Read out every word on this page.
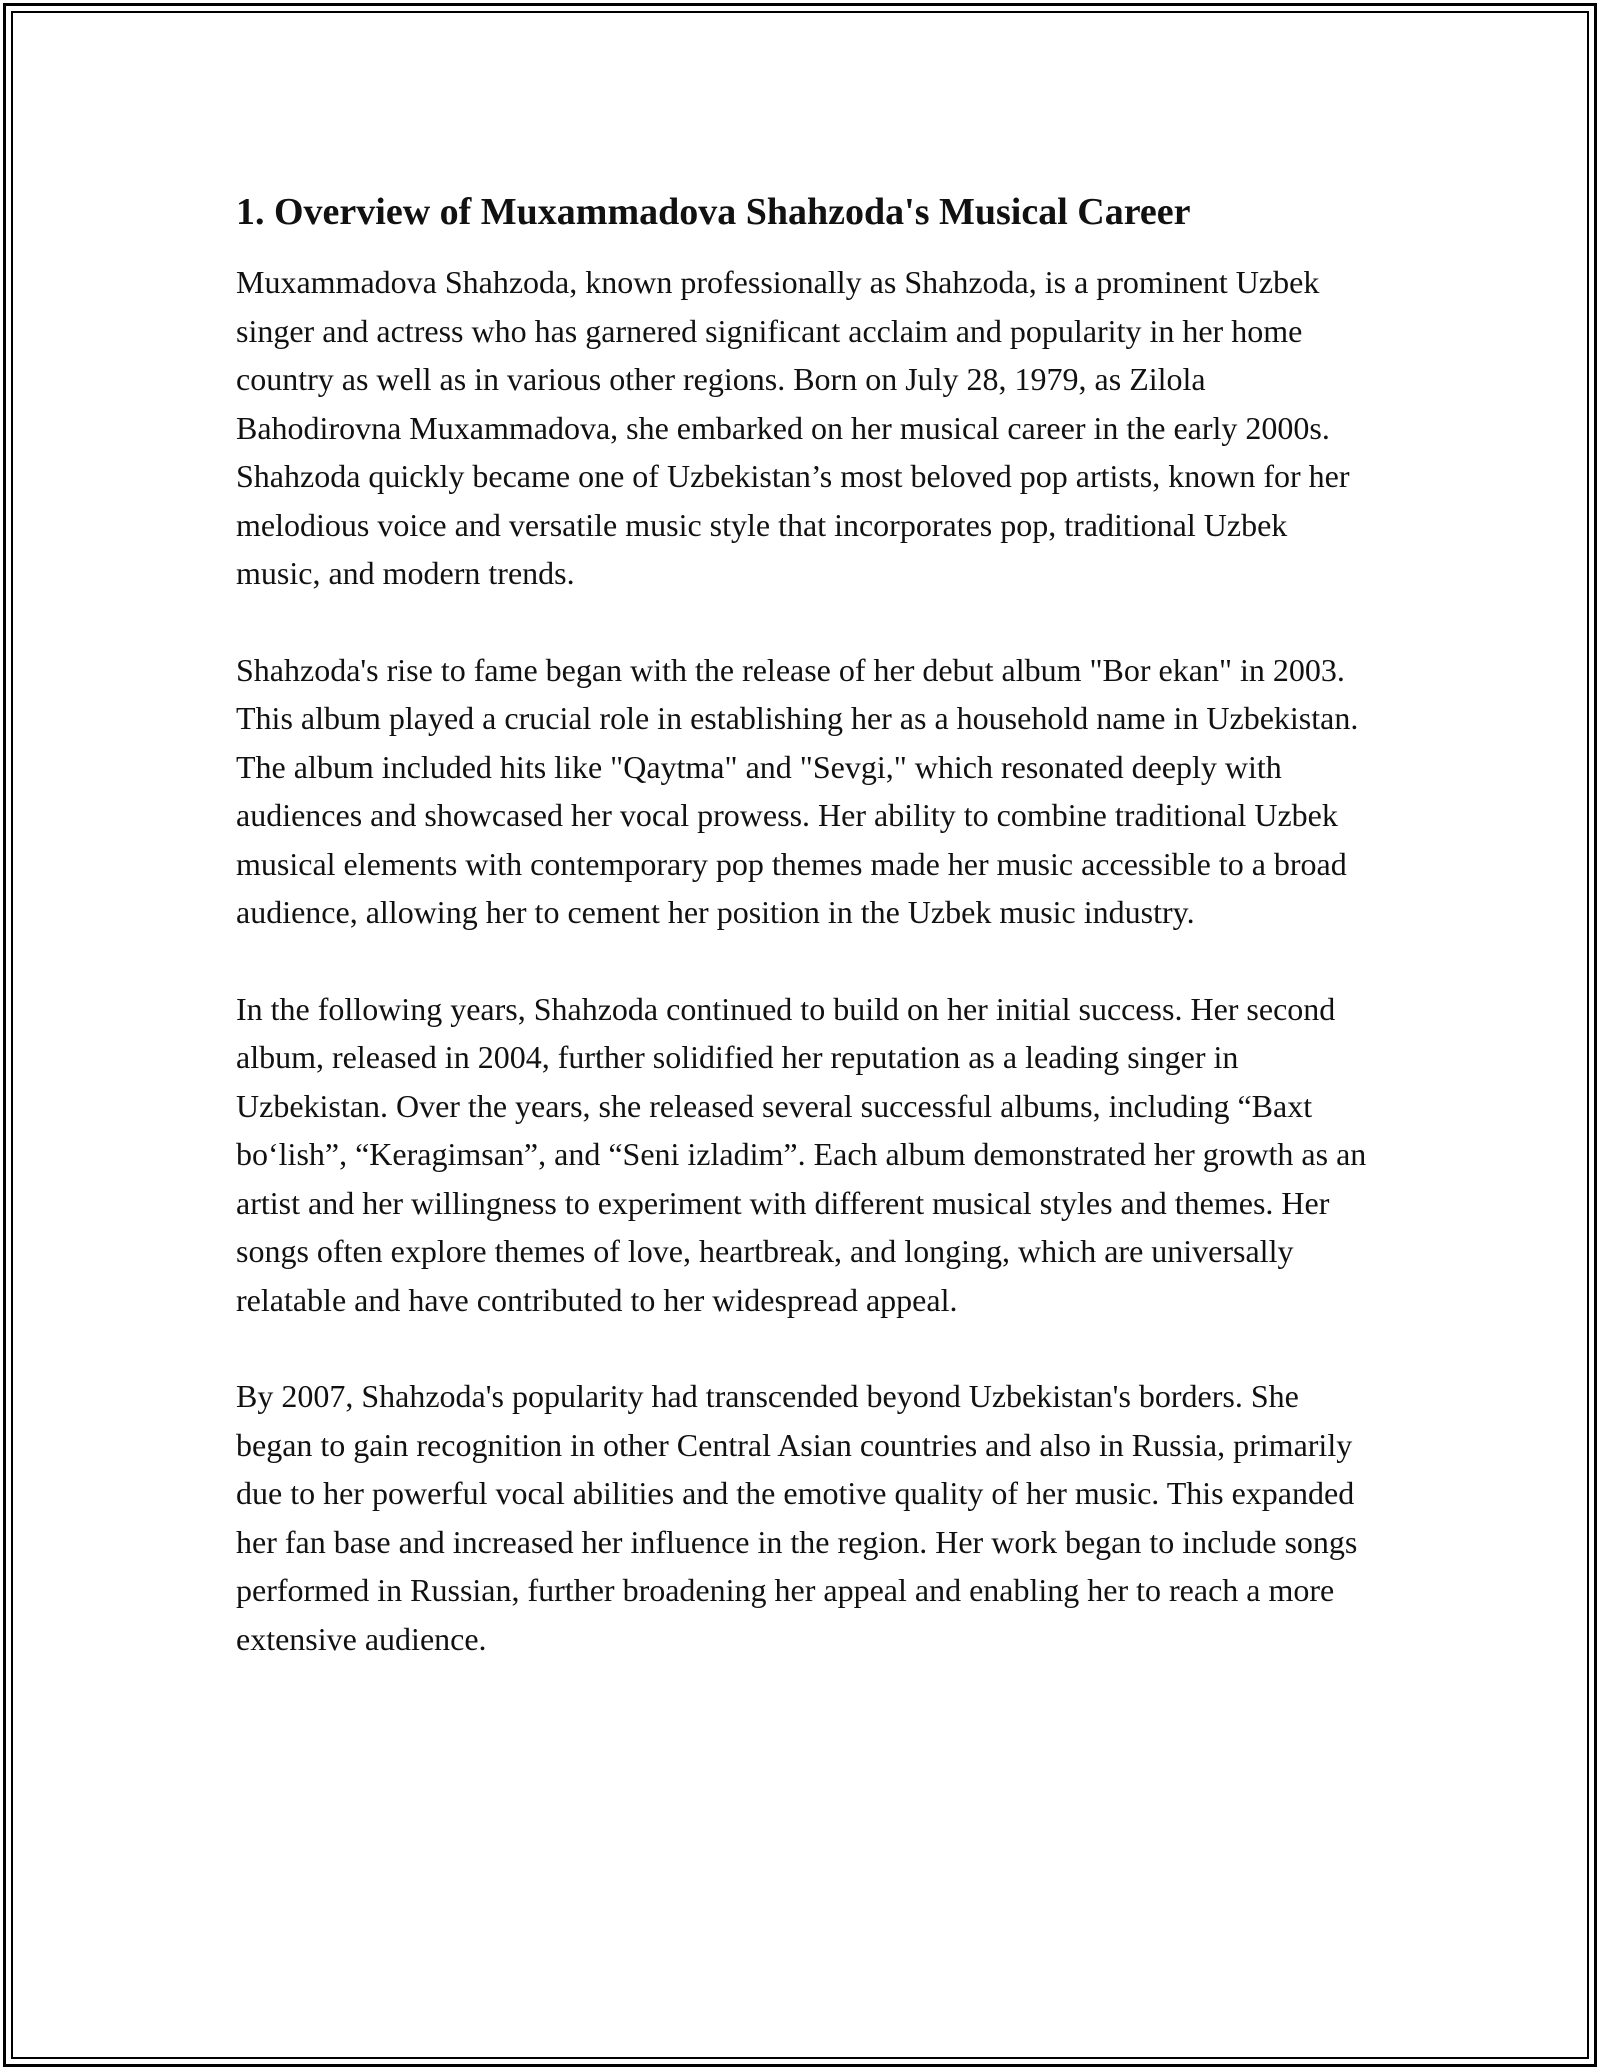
1. Overview of Muxammadova Shahzoda's Musical Career

Muxammadova Shahzoda, known professionally as Shahzoda, is a prominent Uzbek singer and actress who has garnered significant acclaim and popularity in her home country as well as in various other regions. Born on July 28, 1979, as Zilola Bahodirovna Muxammadova, she embarked on her musical career in the early 2000s. Shahzoda quickly became one of Uzbekistan’s most beloved pop artists, known for her melodious voice and versatile music style that incorporates pop, traditional Uzbek music, and modern trends.

Shahzoda's rise to fame began with the release of her debut album "Bor ekan" in 2003. This album played a crucial role in establishing her as a household name in Uzbekistan. The album included hits like "Qaytma" and "Sevgi," which resonated deeply with audiences and showcased her vocal prowess. Her ability to combine traditional Uzbek musical elements with contemporary pop themes made her music accessible to a broad audience, allowing her to cement her position in the Uzbek music industry.

In the following years, Shahzoda continued to build on her initial success. Her second album, released in 2004, further solidified her reputation as a leading singer in Uzbekistan. Over the years, she released several successful albums, including “Baxt boʻlish”, “Keragimsan”, and “Seni izladim”. Each album demonstrated her growth as an artist and her willingness to experiment with different musical styles and themes. Her songs often explore themes of love, heartbreak, and longing, which are universally relatable and have contributed to her widespread appeal.

By 2007, Shahzoda's popularity had transcended beyond Uzbekistan's borders. She began to gain recognition in other Central Asian countries and also in Russia, primarily due to her powerful vocal abilities and the emotive quality of her music. This expanded her fan base and increased her influence in the region. Her work began to include songs performed in Russian, further broadening her appeal and enabling her to reach a more extensive audience.
